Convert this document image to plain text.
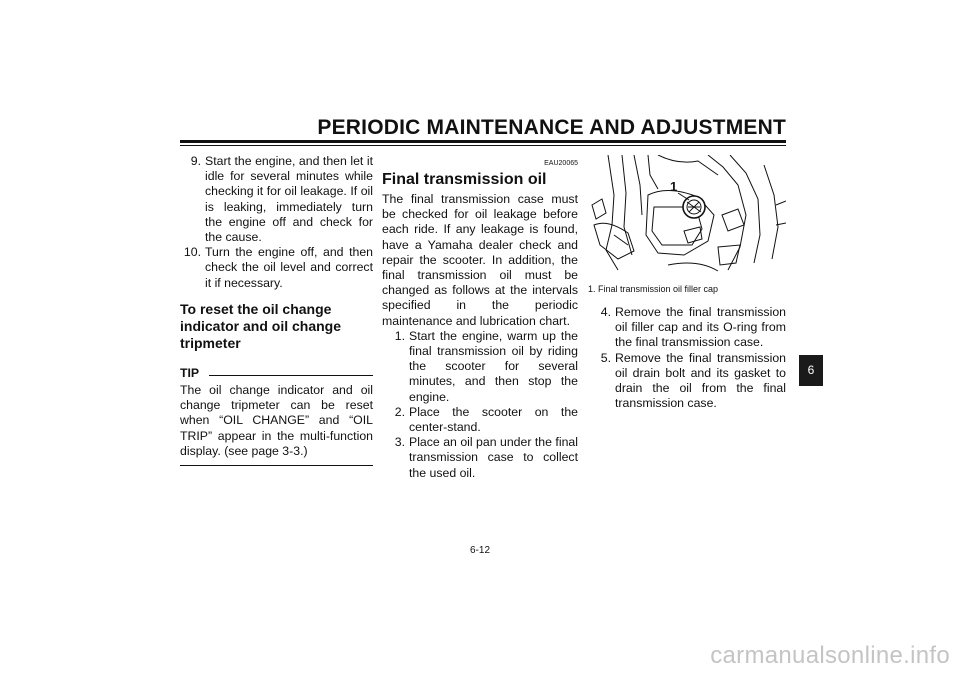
PERIODIC MAINTENANCE AND ADJUSTMENT
9. Start the engine, and then let it idle for several minutes while checking it for oil leakage. If oil is leaking, immediately turn the engine off and check for the cause.
10. Turn the engine off, and then check the oil level and correct it if necessary.
To reset the oil change indicator and oil change tripmeter
TIP
The oil change indicator and oil change tripmeter can be reset when “OIL CHANGE” and “OIL TRIP” appear in the multi-function display. (see page 3-3.)
EAU20065
Final transmission oil
The final transmission case must be checked for oil leakage before each ride. If any leakage is found, have a Yamaha dealer check and repair the scooter. In addition, the final transmission oil must be changed as follows at the intervals specified in the periodic maintenance and lubrication chart.
1. Start the engine, warm up the final transmission oil by riding the scooter for several minutes, and then stop the engine.
2. Place the scooter on the center-stand.
3. Place an oil pan under the final transmission case to collect the used oil.
1
1. Final transmission oil filler cap
4. Remove the final transmission oil filler cap and its O-ring from the final transmission case.
5. Remove the final transmission oil drain bolt and its gasket to drain the oil from the final transmission case.
6
6-12
carmanualsonline.info
